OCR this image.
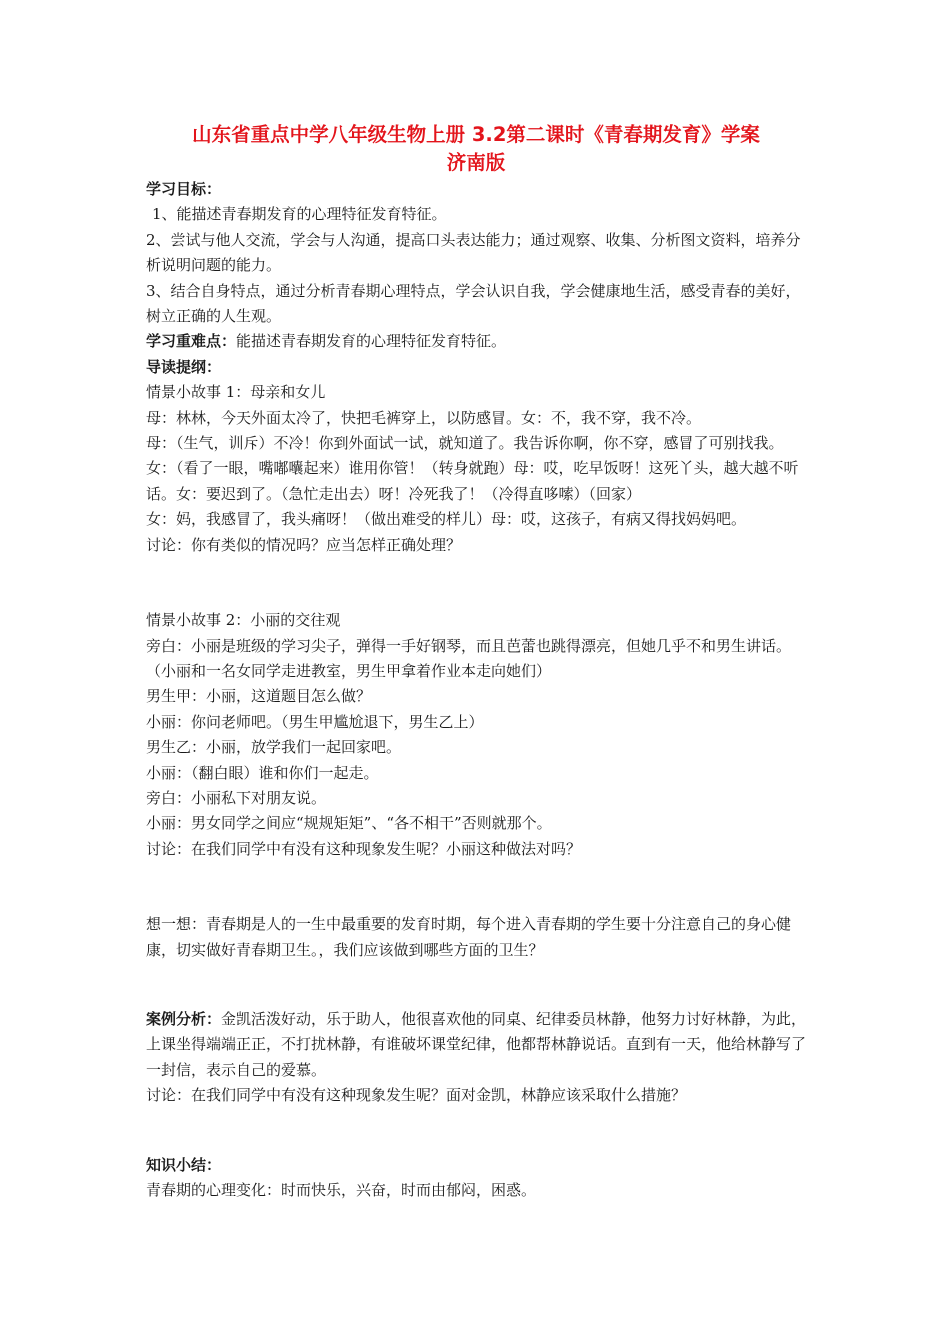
山东省重点中学八年级生物上册 3.2第二课时《青春期发育》学案
济南版

学习目标：

1、能描述青春期发育的心理特征发育特征。

2、尝试与他人交流，学会与人沟通，提高口头表达能力；通过观察、收集、分析图文资料，培养分析说明问题的能力。

3、结合自身特点，通过分析青春期心理特点，学会认识自我，学会健康地生活，感受青春的美好，树立正确的人生观。

学习重难点：能描述青春期发育的心理特征发育特征。

导读提纲：

情景小故事 1：母亲和女儿

母：林林，今天外面太冷了，快把毛裤穿上，以防感冒。女：不，我不穿，我不冷。

母：（生气，训斥）不冷！你到外面试一试，就知道了。我告诉你啊，你不穿，感冒了可别找我。女：（看了一眼，嘴嘟囔起来）谁用你管！（转身就跑）母：哎，吃早饭呀！这死丫头，越大越不听话。女：要迟到了。（急忙走出去）呀！冷死我了！（冷得直哆嗦）（回家）

女：妈，我感冒了，我头痛呀！（做出难受的样儿）母：哎，这孩子，有病又得找妈妈吧。

讨论：你有类似的情况吗？应当怎样正确处理？

情景小故事 2：小丽的交往观

旁白：小丽是班级的学习尖子，弹得一手好钢琴，而且芭蕾也跳得漂亮，但她几乎不和男生讲话。（小丽和一名女同学走进教室，男生甲拿着作业本走向她们）

男生甲：小丽，这道题目怎么做？

小丽：你问老师吧。（男生甲尴尬退下，男生乙上）

男生乙：小丽，放学我们一起回家吧。

小丽：（翻白眼）谁和你们一起走。

旁白：小丽私下对朋友说。

小丽：男女同学之间应“规规矩矩”、“各不相干”否则就那个。

讨论：在我们同学中有没有这种现象发生呢？小丽这种做法对吗？

想一想：青春期是人的一生中最重要的发育时期，每个进入青春期的学生要十分注意自己的身心健康，切实做好青春期卫生。，我们应该做到哪些方面的卫生？

案例分析：金凯活泼好动，乐于助人，他很喜欢他的同桌、纪律委员林静，他努力讨好林静，为此，上课坐得端端正正，不打扰林静，有谁破坏课堂纪律，他都帮林静说话。直到有一天，他给林静写了一封信，表示自己的爱慕。

讨论：在我们同学中有没有这种现象发生呢？面对金凯，林静应该采取什么措施？

知识小结：

青春期的心理变化：时而快乐，兴奋，时而由郁闷，困惑。
